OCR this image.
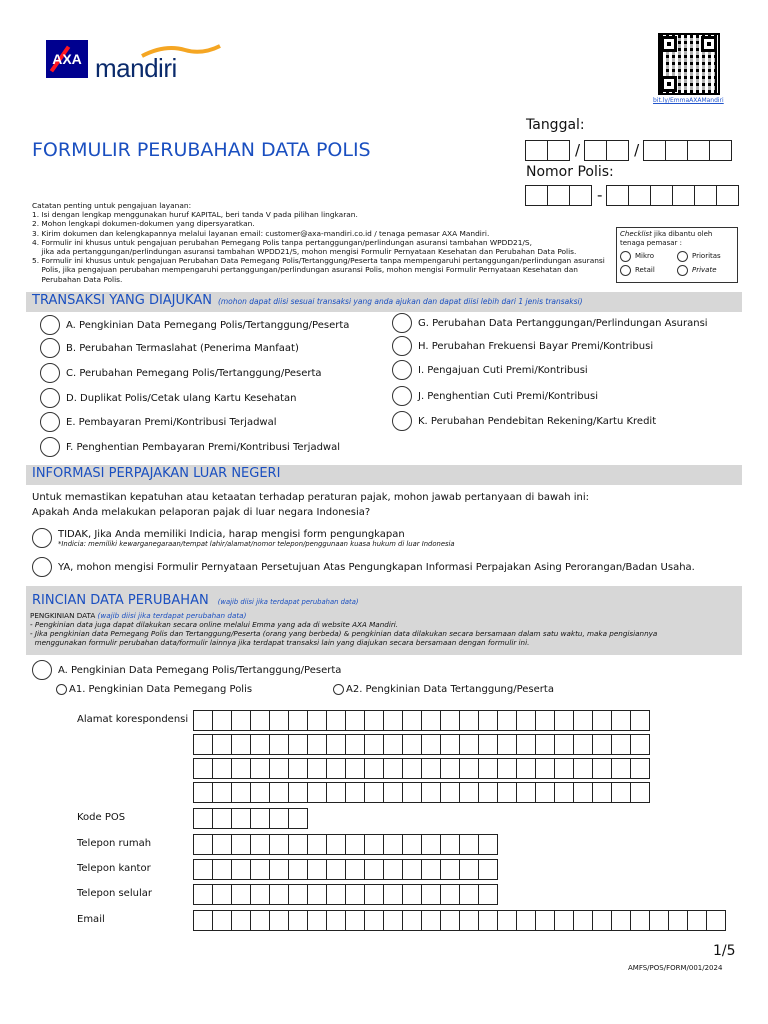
AXA mandiri
bit.ly/EmmaAXAMandiri
FORMULIR PERUBAHAN DATA POLIS
Tanggal:
/	/
Nomor Polis:
-
Catatan penting untuk pengajuan layanan:
1. Isi dengan lengkap menggunakan huruf KAPITAL, beri tanda V pada pilihan lingkaran.
2. Mohon lengkapi dokumen-dokumen yang dipersyaratkan.
3. Kirim dokumen dan kelengkapannya melalui layanan email: customer@axa-mandiri.co.id / tenaga pemasar AXA Mandiri.
4. Formulir ini khusus untuk pengajuan perubahan Pemegang Polis tanpa pertanggungan/perlindungan asuransi tambahan WPDD21/S,
jika ada pertanggungan/perlindungan asuransi tambahan WPDD21/S, mohon mengisi Formulir Pernyataan Kesehatan dan Perubahan Data Polis.
5. Formulir ini khusus untuk pengajuan Perubahan Data Pemegang Polis/Tertanggung/Peserta tanpa mempengaruhi pertanggungan/perlindungan asuransi
Polis, jika pengajuan perubahan mempengaruhi pertanggungan/perlindungan asuransi Polis, mohon mengisi Formulir Pernyataan Kesehatan dan
Perubahan Data Polis.
Checklist jika dibantu oleh tenaga pemasar :
Mikro	Prioritas
Retail	Private
TRANSAKSI YANG DIAJUKAN (mohon dapat diisi sesuai transaksi yang anda ajukan dan dapat diisi lebih dari 1 jenis transaksi)
A. Pengkinian Data Pemegang Polis/Tertanggung/Peserta
B. Perubahan Termaslahat (Penerima Manfaat)
C. Perubahan Pemegang Polis/Tertanggung/Peserta
D. Duplikat Polis/Cetak ulang Kartu Kesehatan
E. Pembayaran Premi/Kontribusi Terjadwal
F. Penghentian Pembayaran Premi/Kontribusi Terjadwal
G. Perubahan Data Pertanggungan/Perlindungan Asuransi
H. Perubahan Frekuensi Bayar Premi/Kontribusi
I. Pengajuan Cuti Premi/Kontribusi
J. Penghentian Cuti Premi/Kontribusi
K. Perubahan Pendebitan Rekening/Kartu Kredit
INFORMASI PERPAJAKAN LUAR NEGERI
Untuk memastikan kepatuhan atau ketaatan terhadap peraturan pajak, mohon jawab pertanyaan di bawah ini:
Apakah Anda melakukan pelaporan pajak di luar negara Indonesia?
TIDAK, Jika Anda memiliki Indicia, harap mengisi form pengungkapan
*Indicia: memiliki kewarganegaraan/tempat lahir/alamat/nomor telepon/penggunaan kuasa hukum di luar Indonesia
YA, mohon mengisi Formulir Pernyataan Persetujuan Atas Pengungkapan Informasi Perpajakan Asing Perorangan/Badan Usaha.
RINCIAN DATA PERUBAHAN (wajib diisi jika terdapat perubahan data)
PENGKINIAN DATA (wajib diisi jika terdapat perubahan data)
- Pengkinian data juga dapat dilakukan secara online melalui Emma yang ada di website AXA Mandiri.
- Jika pengkinian data Pemegang Polis dan Tertanggung/Peserta (orang yang berbeda) & pengkinian data dilakukan secara bersamaan dalam satu waktu, maka pengisiannya
menggunakan formulir perubahan data/formulir lainnya jika terdapat transaksi lain yang diajukan secara bersamaan dengan formulir ini.
A. Pengkinian Data Pemegang Polis/Tertanggung/Peserta
A1. Pengkinian Data Pemegang Polis	A2. Pengkinian Data Tertanggung/Peserta
Alamat korespondensi
Kode POS
Telepon rumah
Telepon kantor
Telepon selular
Email
1/5
AMFS/POS/FORM/001/2024
